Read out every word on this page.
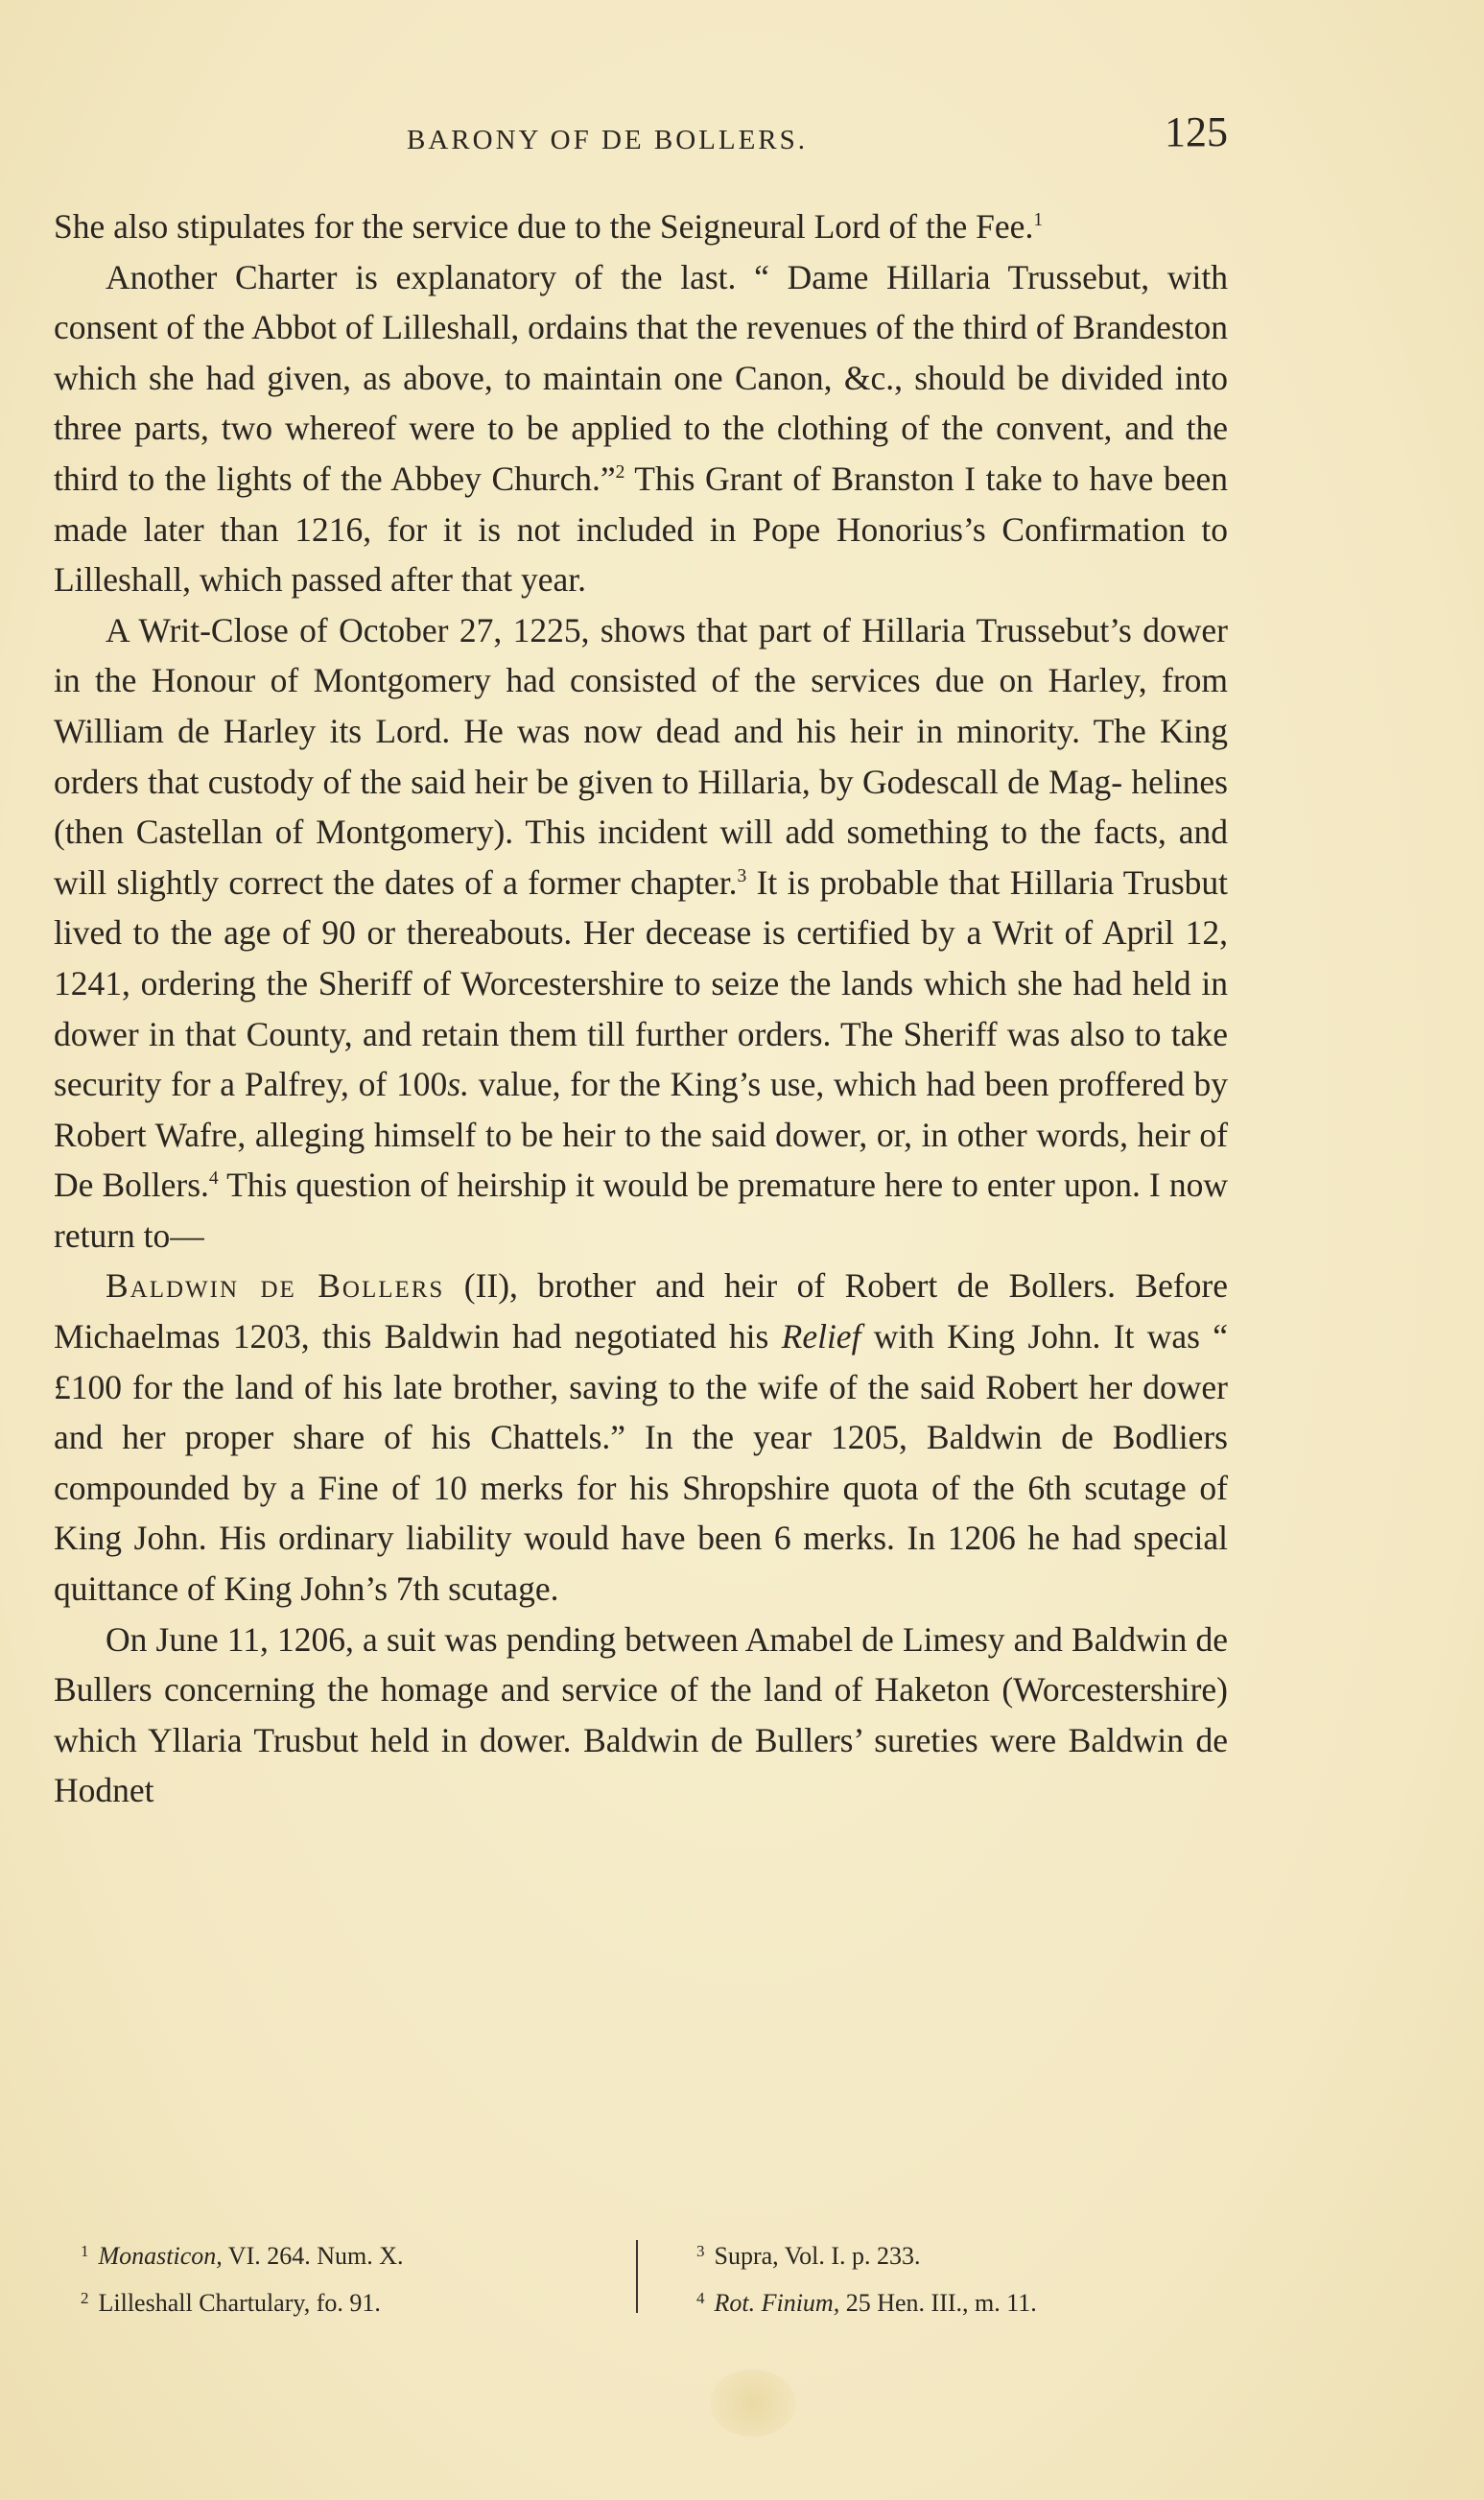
BARONY OF DE BOLLERS.	125

She also stipulates for the service due to the Seigneural Lord of the Fee.$^1$

Another Charter is explanatory of the last. “ Dame Hillaria Trussebut, with consent of the Abbot of Lilleshall, ordains that the revenues of the third of Brandeston which she had given, as above, to maintain one Canon, &c., should be divided into three parts, two whereof were to be applied to the clothing of the convent, and the third to the lights of the Abbey Church.”$^2$ This Grant of Branston I take to have been made later than 1216, for it is not included in Pope Honorius’s Confirmation to Lilleshall, which passed after that year.

A Writ-Close of October 27, 1225, shows that part of Hillaria Trussebut’s dower in the Honour of Montgomery had consisted of the services due on Harley, from William de Harley its Lord. He was now dead and his heir in minority. The King orders that custody of the said heir be given to Hillaria, by Godescall de Mag- helines (then Castellan of Montgomery). This incident will add something to the facts, and will slightly correct the dates of a former chapter.$^3$ It is probable that Hillaria Trusbut lived to the age of 90 or thereabouts. Her decease is certified by a Writ of April 12, 1241, ordering the Sheriff of Worcestershire to seize the lands which she had held in dower in that County, and retain them till further orders. The Sheriff was also to take security for a Palfrey, of 100s. value, for the King’s use, which had been proffered by Robert Wafre, alleging himself to be heir to the said dower, or, in other words, heir of De Bollers.$^4$ This question of heirship it would be premature here to enter upon. I now return to—

Baldwin de Bollers (II), brother and heir of Robert de Bollers. Before Michaelmas 1203, this Baldwin had negotiated his Relief with King John. It was “ £100 for the land of his late brother, saving to the wife of the said Robert her dower and her proper share of his Chattels.” In the year 1205, Baldwin de Bodliers compounded by a Fine of 10 merks for his Shropshire quota of the 6th scutage of King John. His ordinary liability would have been 6 merks. In 1206 he had special quittance of King John’s 7th scutage.

On June 11, 1206, a suit was pending between Amabel de Limesy and Baldwin de Bullers concerning the homage and service of the land of Haketon (Worcestershire) which Yllaria Trusbut held in dower. Baldwin de Bullers’ sureties were Baldwin de Hodnet

$^1$ Monasticon, VI. 264. Num. X.
$^2$ Lilleshall Chartulary, fo. 91.
$^3$ Supra, Vol. I. p. 233.
$^4$ Rot. Finium, 25 Hen. III., m. 11.
